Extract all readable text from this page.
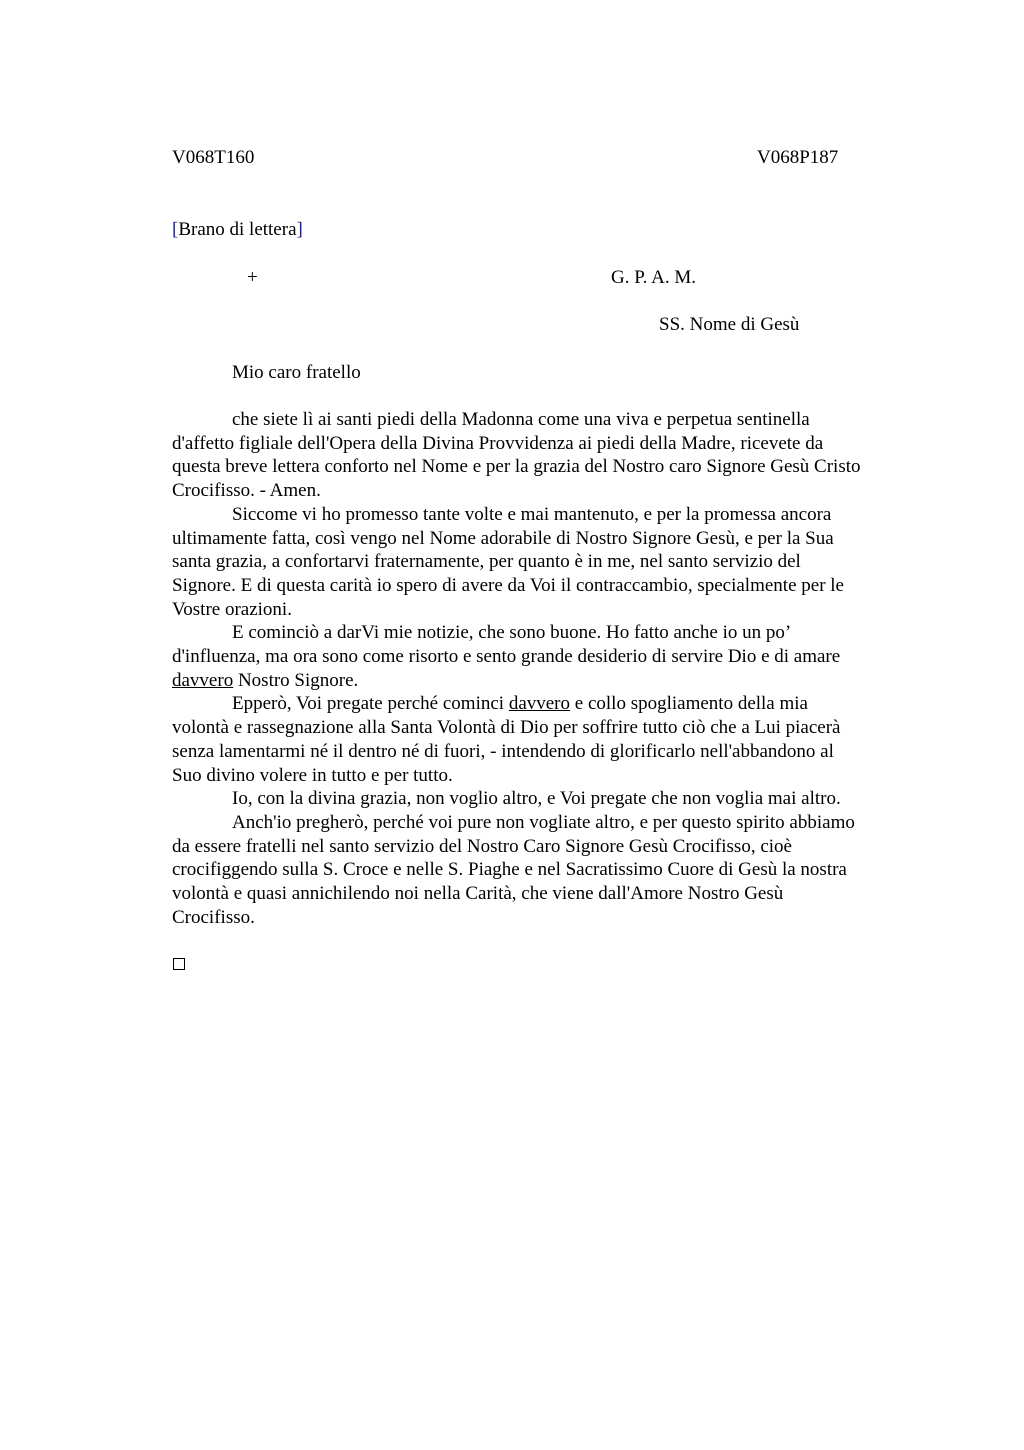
V068T160	V068P187
[Brano di lettera]
+	G. P. A. M.
SS. Nome di Gesù
Mio caro fratello
che siete lì ai santi piedi della Madonna come una viva e perpetua sentinella
d'affetto figliale dell'Opera della Divina Provvidenza ai piedi della Madre, ricevete da
questa breve lettera conforto nel Nome e per la grazia del Nostro caro Signore Gesù Cristo
Crocifisso. - Amen.
Siccome vi ho promesso tante volte e mai mantenuto, e per la promessa ancora
ultimamente fatta, così vengo nel Nome adorabile di Nostro Signore Gesù, e per la Sua
santa grazia, a confortarvi fraternamente, per quanto è in me, nel santo servizio del
Signore. E di questa carità io spero di avere da Voi il contraccambio, specialmente per le
Vostre orazioni.
E cominciò a darVi mie notizie, che sono buone. Ho fatto anche io un po’
d'influenza, ma ora sono come risorto e sento grande desiderio di servire Dio e di amare
davvero Nostro Signore.
Epperò, Voi pregate perché cominci davvero e collo spogliamento della mia
volontà e rassegnazione alla Santa Volontà di Dio per soffrire tutto ciò che a Lui piacerà
senza lamentarmi né il dentro né di fuori, - intendendo di glorificarlo nell'abbandono al
Suo divino volere in tutto e per tutto.
Io, con la divina grazia, non voglio altro, e Voi pregate che non voglia mai altro.
Anch'io pregherò, perché voi pure non vogliate altro, e per questo spirito abbiamo
da essere fratelli nel santo servizio del Nostro Caro Signore Gesù Crocifisso, cioè
crocifiggendo sulla S. Croce e nelle S. Piaghe e nel Sacratissimo Cuore di Gesù la nostra
volontà e quasi annichilendo noi nella Carità, che viene dall'Amore Nostro Gesù
Crocifisso.
